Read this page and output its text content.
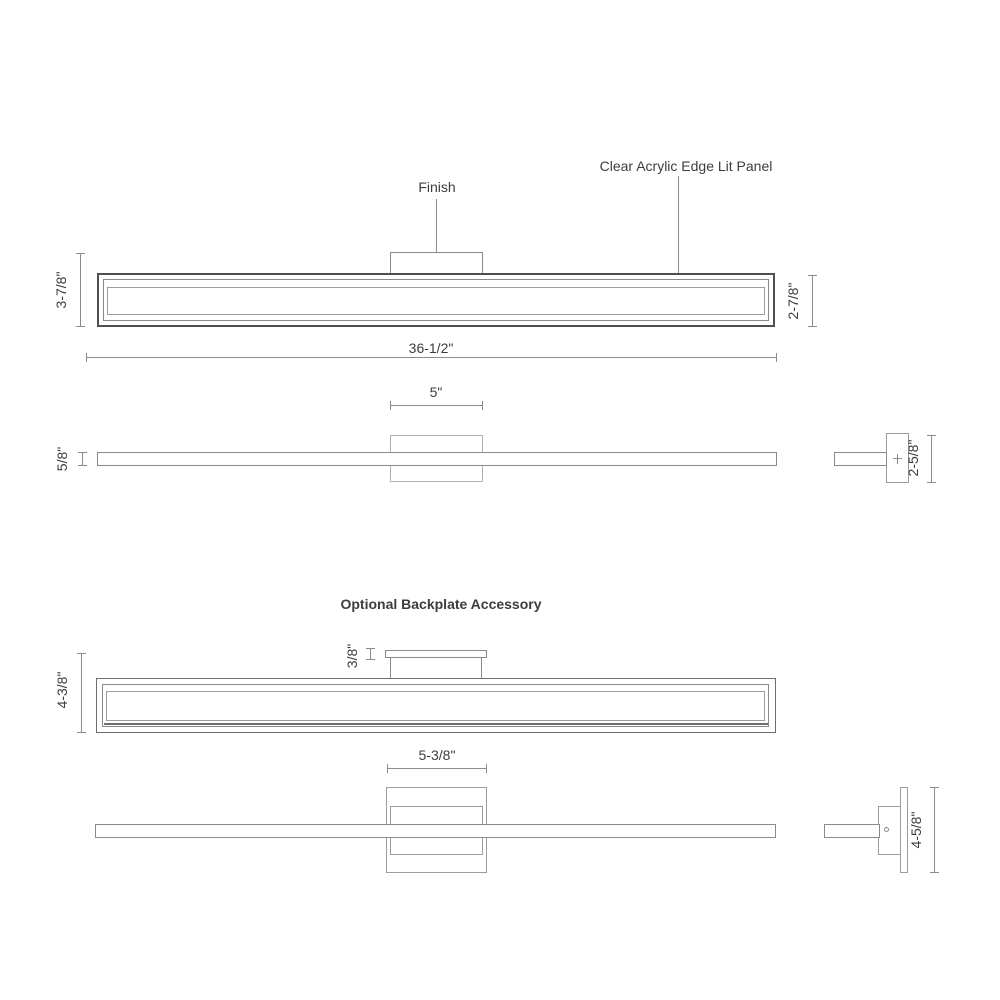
Finish
Clear Acrylic Edge Lit Panel
3-7/8"	2-7/8"
36-1/2"
5"
5/8"	2-5/8"
Optional Backplate Accessory
3/8"
4-3/8"
5-3/8"
4-5/8"
